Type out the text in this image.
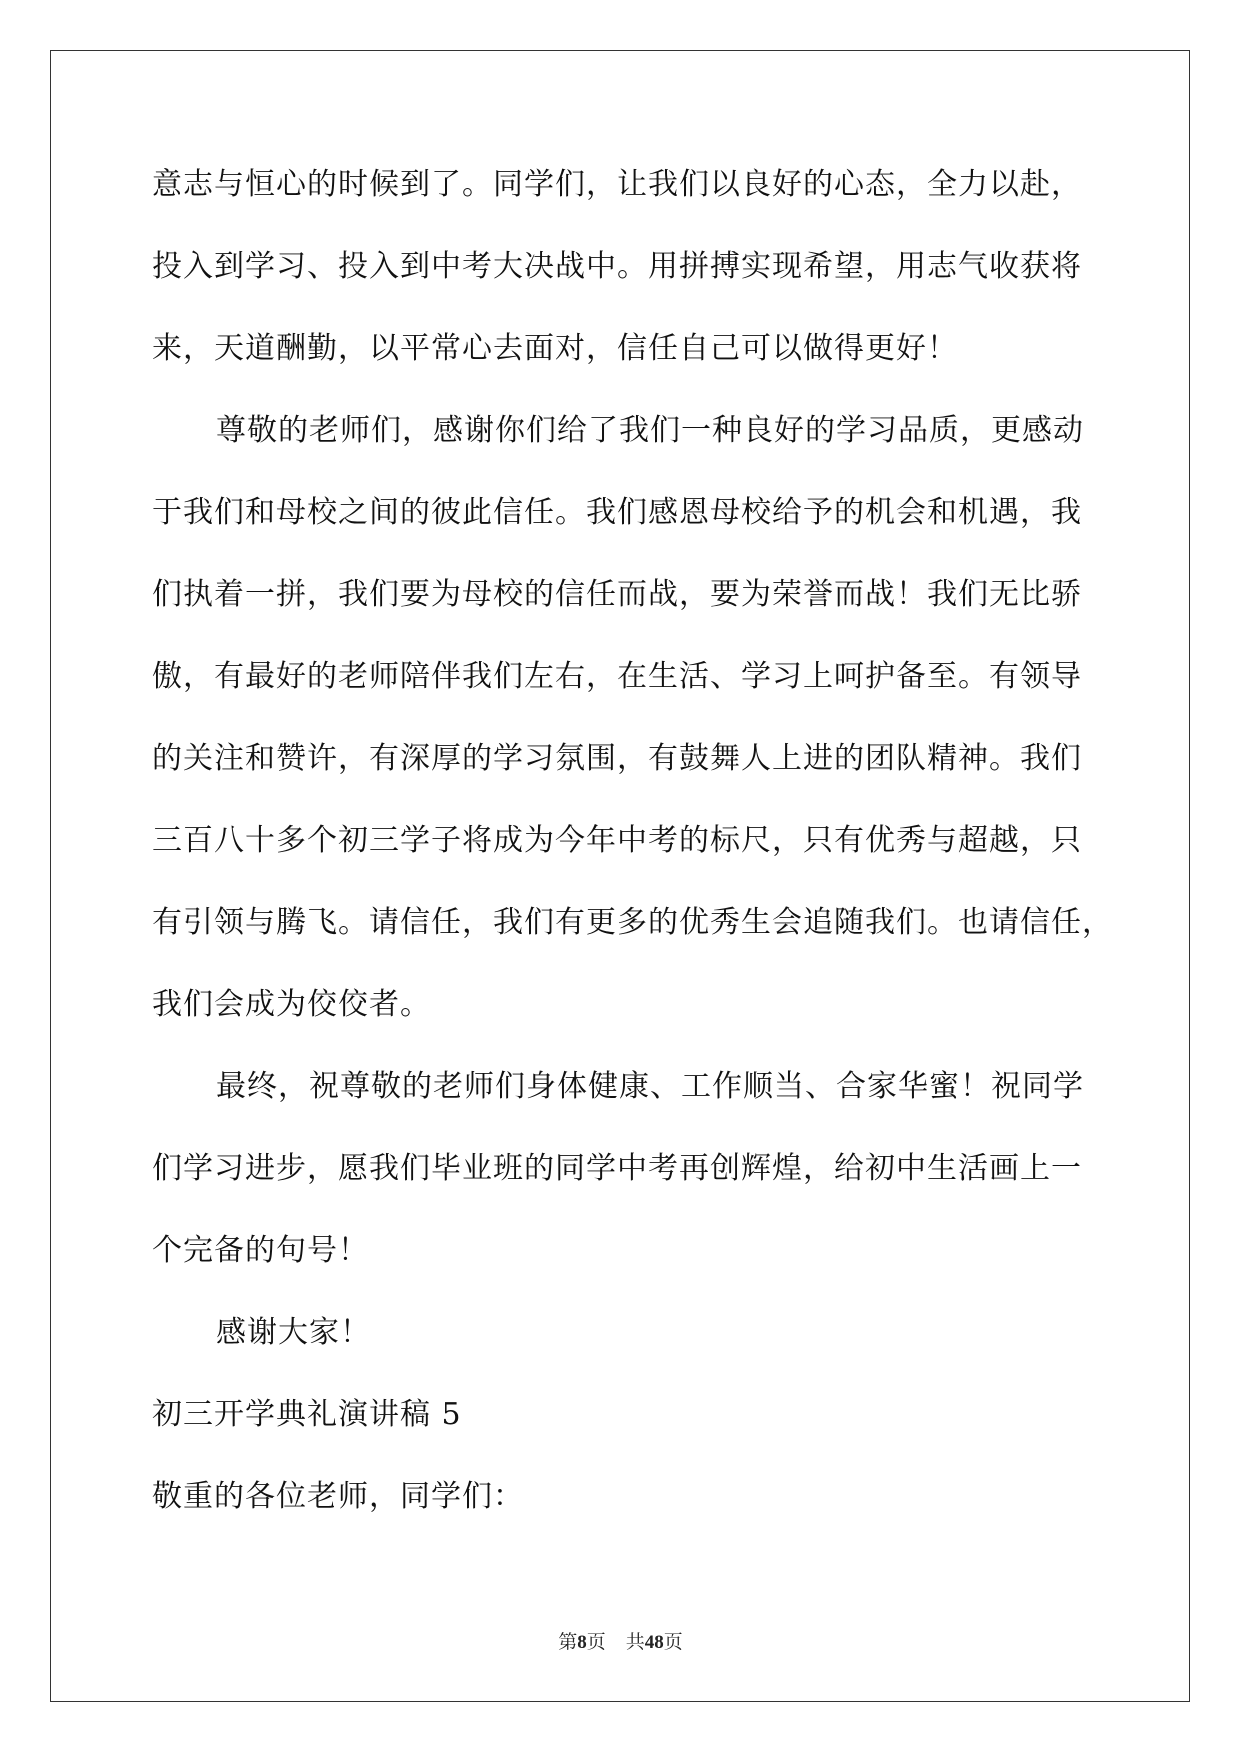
意志与恒心的时候到了。同学们，让我们以良好的心态，全力以赴，
投入到学习、投入到中考大决战中。用拼搏实现希望，用志气收获将
来，天道酬勤，以平常心去面对，信任自己可以做得更好！
尊敬的老师们，感谢你们给了我们一种良好的学习品质，更感动
于我们和母校之间的彼此信任。我们感恩母校给予的机会和机遇，我
们执着一拼，我们要为母校的信任而战，要为荣誉而战！我们无比骄
傲，有最好的老师陪伴我们左右，在生活、学习上呵护备至。有领导
的关注和赞许，有深厚的学习氛围，有鼓舞人上进的团队精神。我们
三百八十多个初三学子将成为今年中考的标尺，只有优秀与超越，只
有引领与腾飞。请信任，我们有更多的优秀生会追随我们。也请信任，
我们会成为佼佼者。
最终，祝尊敬的老师们身体健康、工作顺当、合家华蜜！祝同学
们学习进步，愿我们毕业班的同学中考再创辉煌，给初中生活画上一
个完备的句号！
感谢大家！
初三开学典礼演讲稿 5
敬重的各位老师，同学们：
第8页 共48页
